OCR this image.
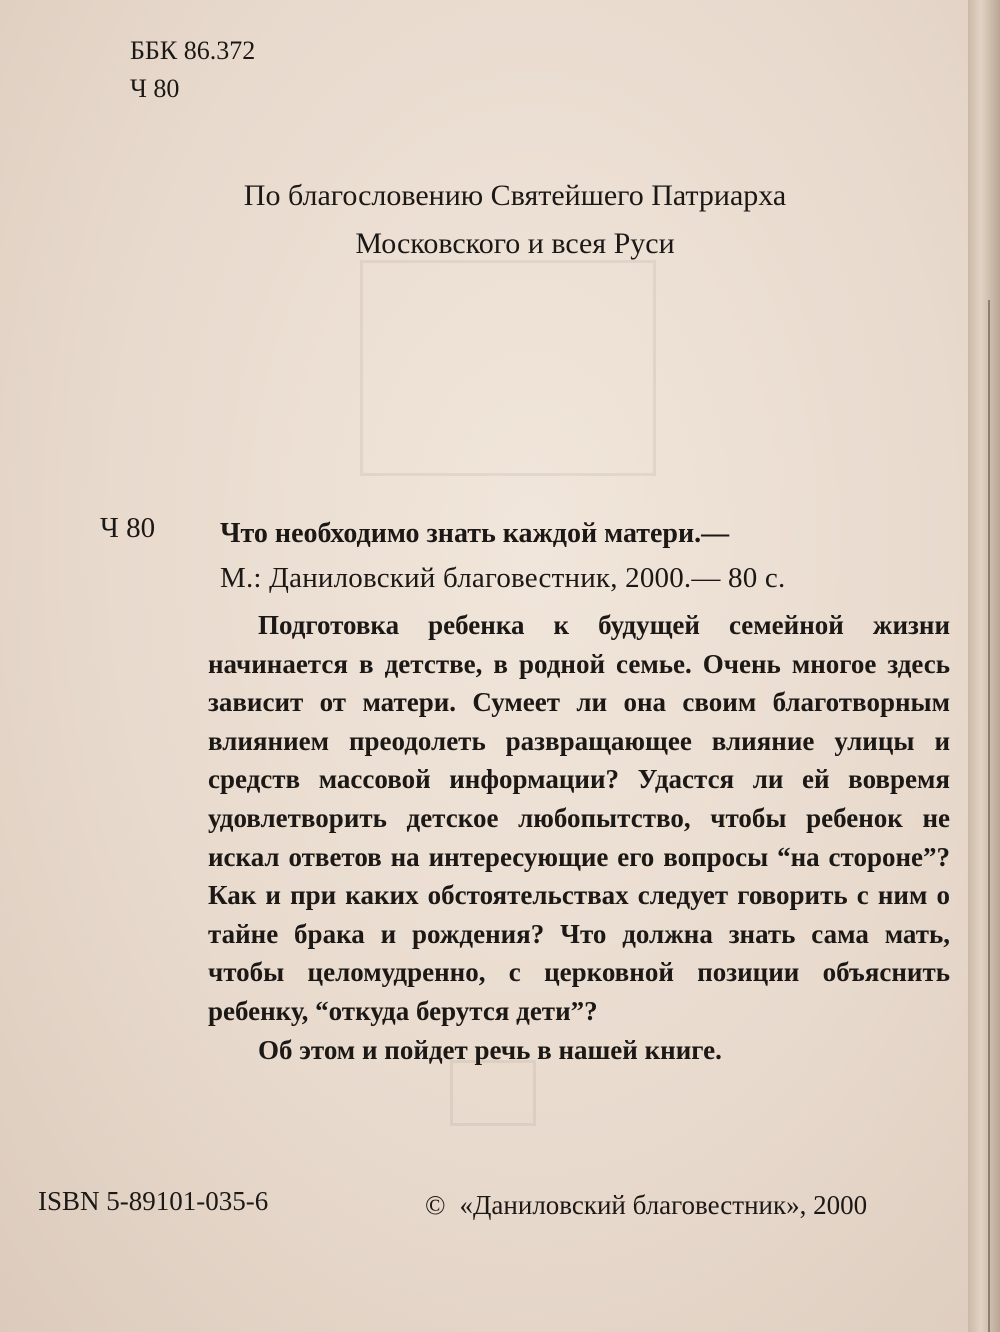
ББК 86.372
Ч 80
По благословению Святейшего Патриарха
Московского и всея Руси
Ч 80 Что необходимо знать каждой матери.—
М.: Даниловский благовестник, 2000.— 80 с.

Подготовка ребенка к будущей семейной жизни начинается в детстве, в родной семье. Очень многое здесь зависит от матери. Сумеет ли она своим благотворным влиянием преодолеть развращающее влияние улицы и средств массовой информации? Удастся ли ей вовремя удовлетворить детское любопытство, чтобы ребенок не искал ответов на интересующие его вопросы “на стороне”? Как и при каких обстоятельствах следует говорить с ним о тайне брака и рождения? Что должна знать сама мать, чтобы целомудренно, с церковной позиции объяснить ребенку, “откуда берутся дети”?

Об этом и пойдет речь в нашей книге.

ISBN 5-89101-035-6	© «Даниловский благовестник», 2000
